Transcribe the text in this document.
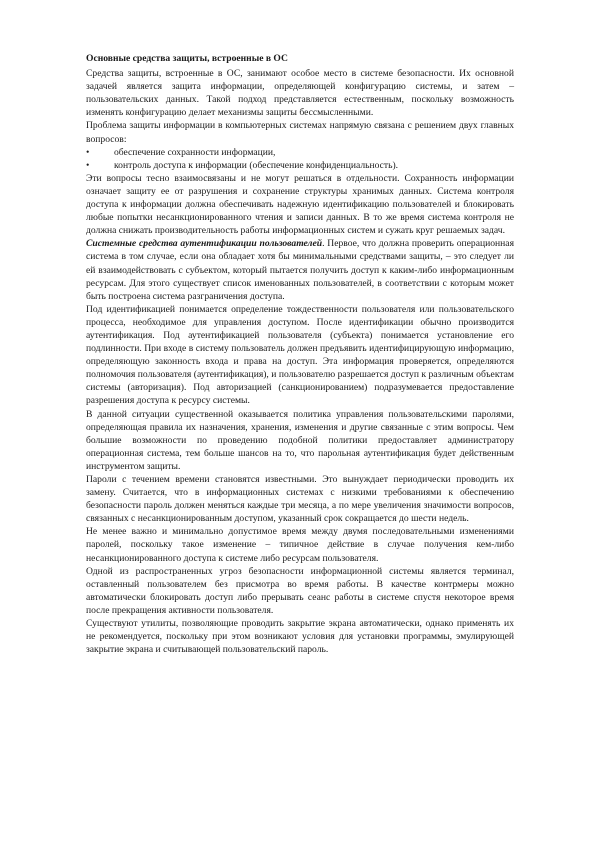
Основные средства защиты, встроенные в ОС

Средства защиты, встроенные в ОС, занимают особое место в системе безопасности. Их основной задачей является защита информации, определяющей конфигурацию системы, и затем – пользовательских данных. Такой подход представляется естественным, поскольку возможность изменять конфигурацию делает механизмы защиты бессмысленными.

Проблема защиты информации в компьютерных системах напрямую связана с решением двух главных вопросов:

•	обеспечение сохранности информации,
•	контроль доступа к информации (обеспечение конфиденциальность).

Эти вопросы тесно взаимосвязаны и не могут решаться в отдельности. Сохранность информации означает защиту ее от разрушения и сохранение структуры хранимых данных. Система контроля доступа к информации должна обеспечивать надежную идентификацию пользователей и блокировать любые попытки несанкционированного чтения и записи данных. В то же время система контроля не должна снижать производительность работы информационных систем и сужать круг решаемых задач.

Системные средства аутентификации пользователей. Первое, что должна проверить операционная система в том случае, если она обладает хотя бы минимальными средствами защиты, – это следует ли ей взаимодействовать с субъектом, который пытается получить доступ к каким-либо информационным ресурсам. Для этого существует список именованных пользователей, в соответствии с которым может быть построена система разграничения доступа.

Под идентификацией понимается определение тождественности пользователя или пользовательского процесса, необходимое для управления доступом. После идентификации обычно производится аутентификация. Под аутентификацией пользователя (субъекта) понимается установление его подлинности. При входе в систему пользователь должен предъявить идентифицирующую информацию, определяющую законность входа и права на доступ. Эта информация проверяется, определяются полномочия пользователя (аутентификация), и пользователю разрешается доступ к различным объектам системы (авторизация). Под авторизацией (санкционированием) подразумевается предоставление разрешения доступа к ресурсу системы.

В данной ситуации существенной оказывается политика управления пользовательскими паролями, определяющая правила их назначения, хранения, изменения и другие связанные с этим вопросы. Чем большие возможности по проведению подобной политики предоставляет администратору операционная система, тем больше шансов на то, что парольная аутентификация будет действенным инструментом защиты.

Пароли с течением времени становятся известными. Это вынуждает периодически проводить их замену. Считается, что в информационных системах с низкими требованиями к обеспечению безопасности пароль должен меняться каждые три месяца, а по мере увеличения значимости вопросов, связанных с несанкционированным доступом, указанный срок сокращается до шести недель.

Не менее важно и минимально допустимое время между двумя последовательными изменениями паролей, поскольку такое изменение – типичное действие в случае получения кем-либо несанкционированного доступа к системе либо ресурсам пользователя.

Одной из распространенных угроз безопасности информационной системы является терминал, оставленный пользователем без присмотра во время работы. В качестве контрмеры можно автоматически блокировать доступ либо прерывать сеанс работы в системе спустя некоторое время после прекращения активности пользователя.

Существуют утилиты, позволяющие проводить закрытие экрана автоматически, однако применять их не рекомендуется, поскольку при этом возникают условия для установки программы, эмулирующей закрытие экрана и считывающей пользовательский пароль.
